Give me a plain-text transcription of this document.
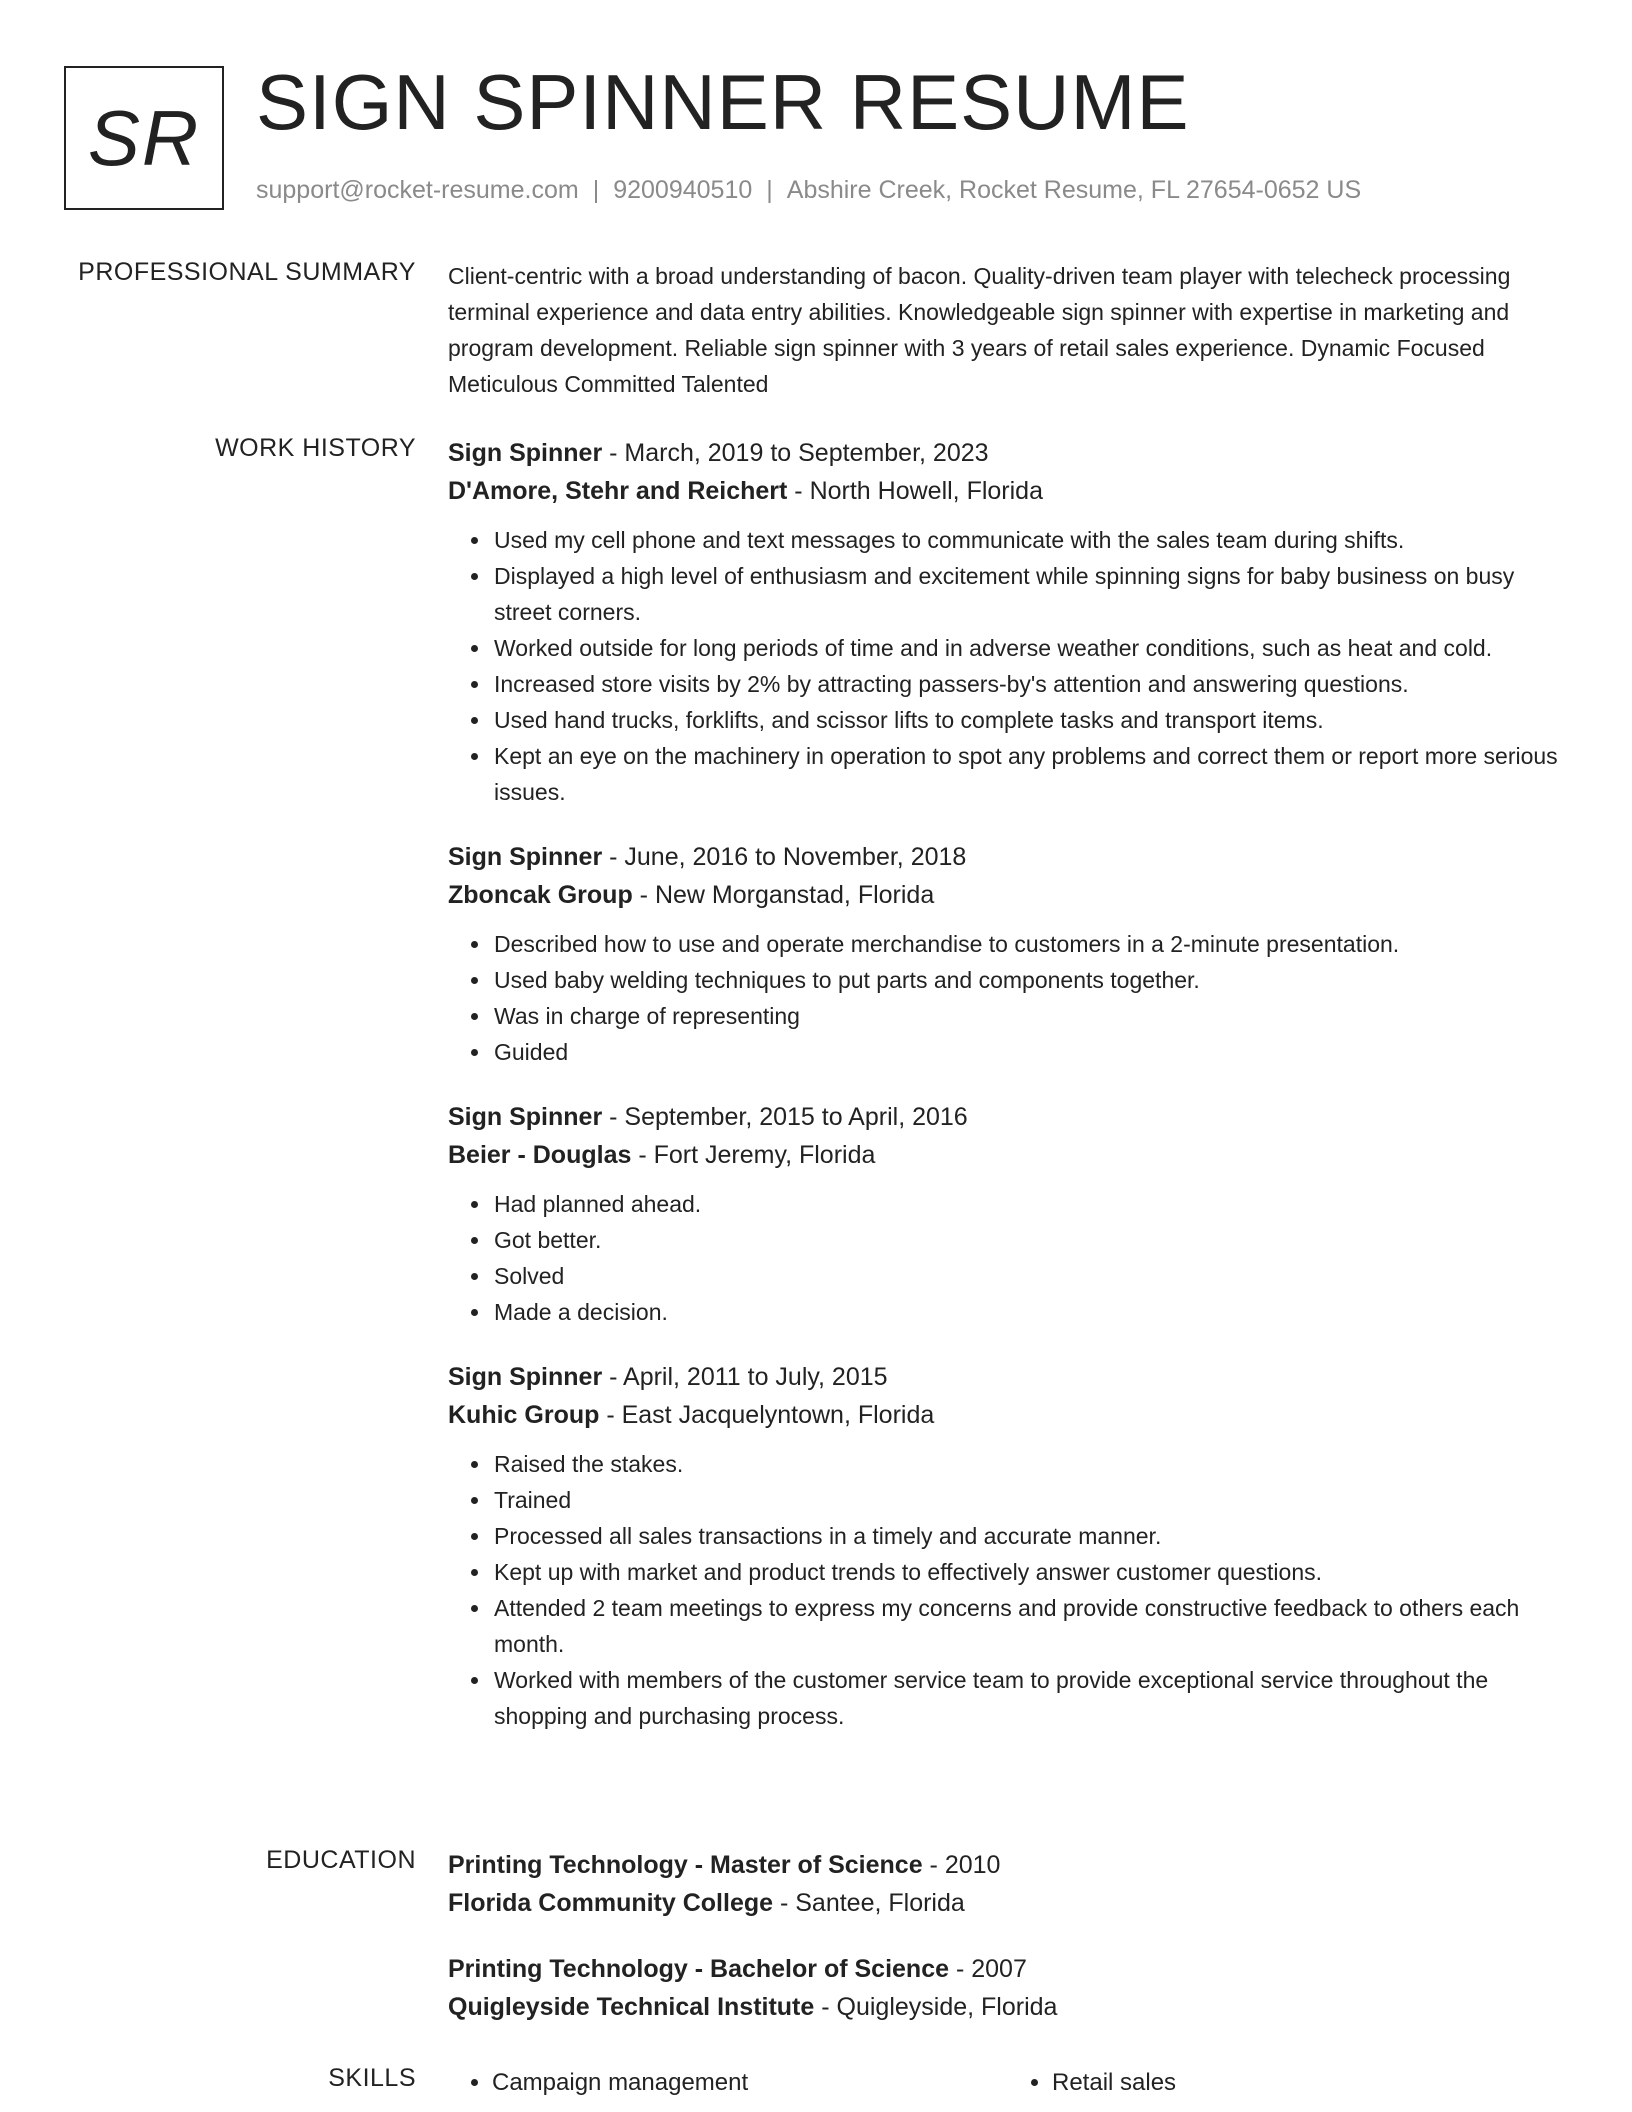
SR SIGN SPINNER RESUME
support@rocket-resume.com | 9200940510 | Abshire Creek, Rocket Resume, FL 27654-0652 US
PROFESSIONAL SUMMARY Client-centric with a broad understanding of bacon. Quality-driven team player with telecheck processing terminal experience and data entry abilities. Knowledgeable sign spinner with expertise in marketing and program development. Reliable sign spinner with 3 years of retail sales experience. Dynamic Focused Meticulous Committed Talented
WORK HISTORY Sign Spinner - March, 2019 to September, 2023
D'Amore, Stehr and Reichert - North Howell, Florida
• Used my cell phone and text messages to communicate with the sales team during shifts.
• Displayed a high level of enthusiasm and excitement while spinning signs for baby business on busy street corners.
• Worked outside for long periods of time and in adverse weather conditions, such as heat and cold.
• Increased store visits by 2% by attracting passers-by's attention and answering questions.
• Used hand trucks, forklifts, and scissor lifts to complete tasks and transport items.
• Kept an eye on the machinery in operation to spot any problems and correct them or report more serious issues.
Sign Spinner - June, 2016 to November, 2018
Zboncak Group - New Morganstad, Florida
• Described how to use and operate merchandise to customers in a 2-minute presentation.
• Used baby welding techniques to put parts and components together.
• Was in charge of representing
• Guided
Sign Spinner - September, 2015 to April, 2016
Beier - Douglas - Fort Jeremy, Florida
• Had planned ahead.
• Got better.
• Solved
• Made a decision.
Sign Spinner - April, 2011 to July, 2015
Kuhic Group - East Jacquelyntown, Florida
• Raised the stakes.
• Trained
• Processed all sales transactions in a timely and accurate manner.
• Kept up with market and product trends to effectively answer customer questions.
• Attended 2 team meetings to express my concerns and provide constructive feedback to others each month.
• Worked with members of the customer service team to provide exceptional service throughout the shopping and purchasing process.
EDUCATION Printing Technology - Master of Science - 2010
Florida Community College - Santee, Florida
Printing Technology - Bachelor of Science - 2007
Quigleyside Technical Institute - Quigleyside, Florida
SKILLS	• Campaign management	• Retail sales
